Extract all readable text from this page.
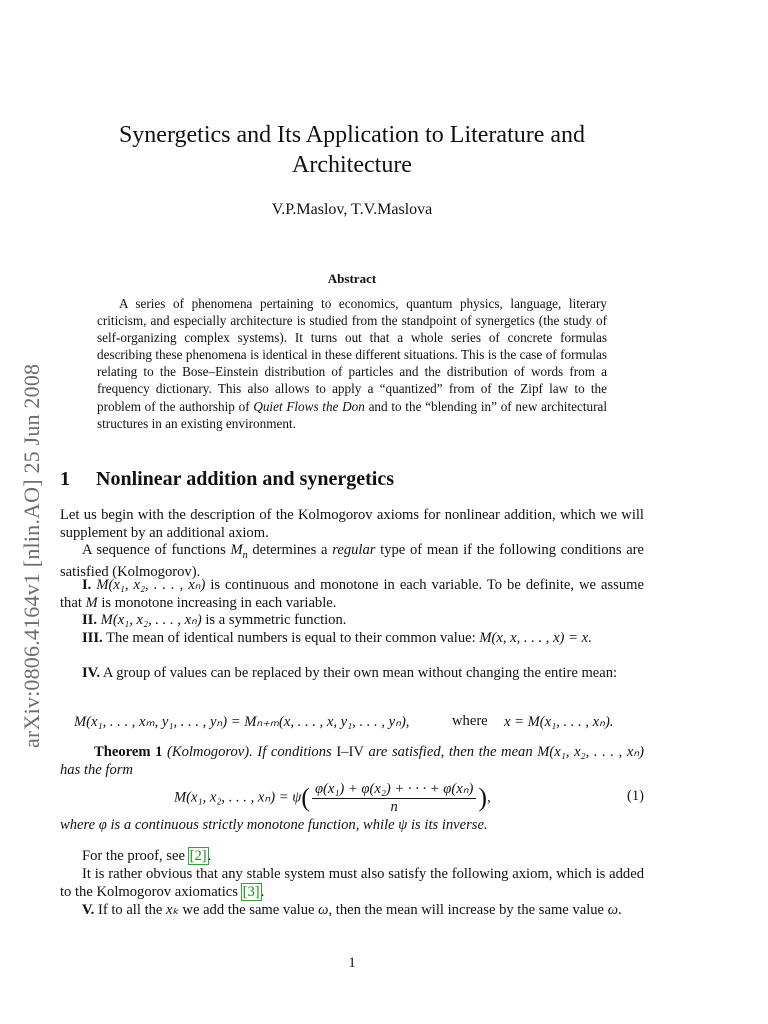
arXiv:0806.4164v1 [nlin.AO] 25 Jun 2008
Synergetics and Its Application to Literature and Architecture
V.P.Maslov, T.V.Maslova
Abstract

A series of phenomena pertaining to economics, quantum physics, language, literary criticism, and especially architecture is studied from the standpoint of synergetics (the study of self-organizing complex systems). It turns out that a whole series of concrete formulas describing these phenomena is identical in these different situations. This is the case of formulas relating to the Bose–Einstein distribution of particles and the distribution of words from a frequency dictionary. This also allows to apply a “quantized” from of the Zipf law to the problem of the authorship of Quiet Flows the Don and to the “blending in” of new architectural structures in an existing environment.

1 Nonlinear addition and synergetics

Let us begin with the description of the Kolmogorov axioms for nonlinear addition, which we will supplement by an additional axiom.

A sequence of functions $M_n$ determines a regular type of mean if the following conditions are satisfied (Kolmogorov).

I. M(x₁, x₂, . . . , xₙ) is continuous and monotone in each variable. To be definite, we assume that M is monotone increasing in each variable.

II. M(x₁, x₂, . . . , xₙ) is a symmetric function.

III. The mean of identical numbers is equal to their common value: M(x, x, . . . , x) = x.

IV. A group of values can be replaced by their own mean without changing the entire mean:

M(x₁, . . . , xₘ, y₁, . . . , yₙ) = Mₙ₊ₘ(x, . . . , x, y₁, . . . , yₙ),	where x = M(x₁, . . . , xₙ).

Theorem 1 (Kolmogorov). If conditions I–IV are satisfied, then the mean M(x₁, x₂, . . . , xₙ) has the form

M(x₁, x₂, . . . , $x_n) = \psi( \frac{\text{φ(x₁) + φ(x₂) + · · · + φ(xₙ)}}{n}$ ),	(1)

where φ is a continuous strictly monotone function, while ψ is its inverse.

For the proof, see [2].

It is rather obvious that any stable system must also satisfy the following axiom, which is added to the Kolmogorov axiomatics [3].

V. If to all the xₖ we add the same value ω, then the mean will increase by the same value ω.

1
